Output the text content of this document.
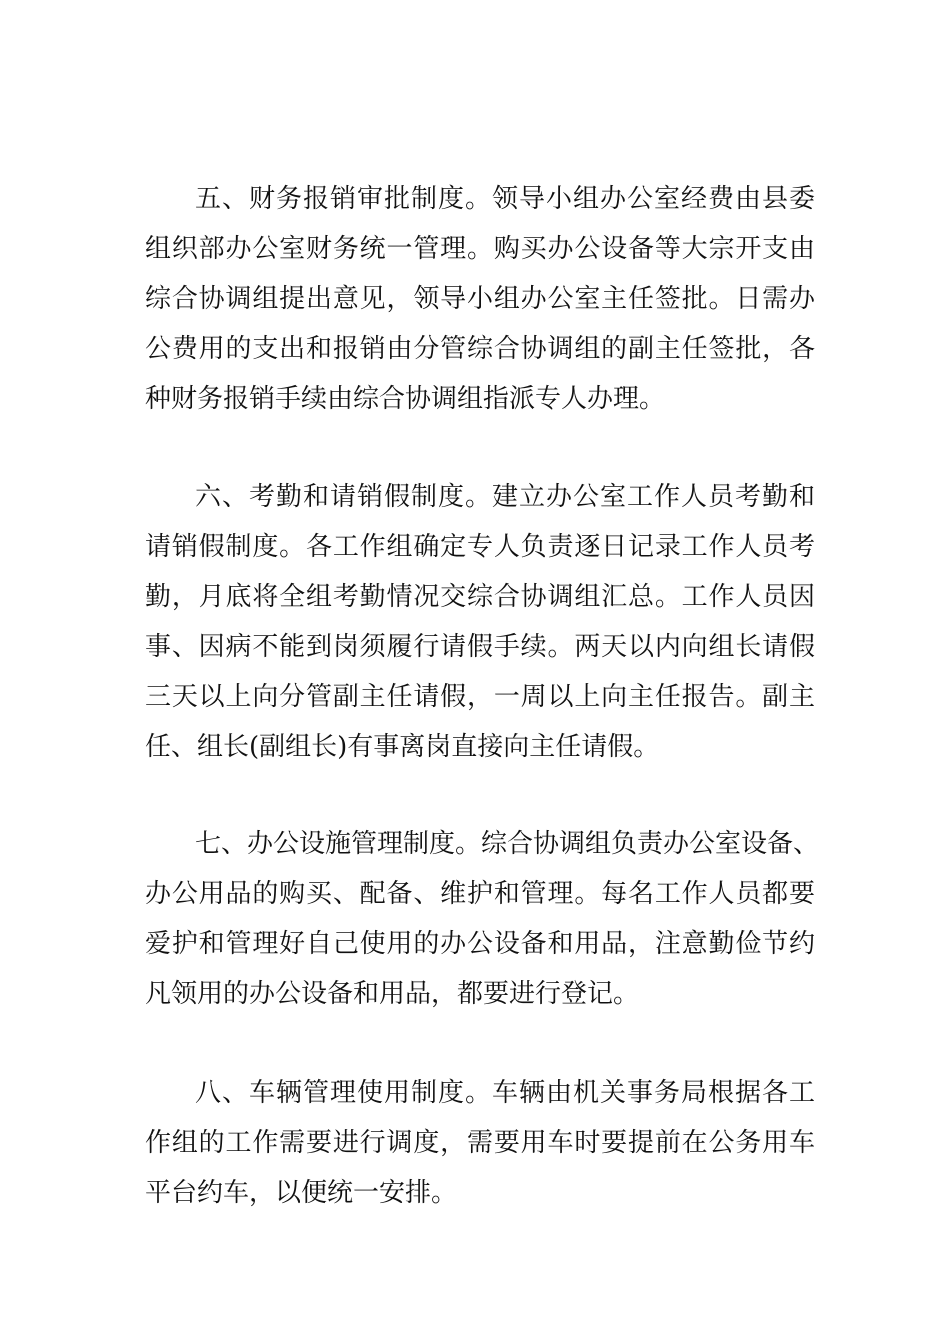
五、财务报销审批制度。领导小组办公室经费由县委
组织部办公室财务统一管理。购买办公设备等大宗开支由
综合协调组提出意见，领导小组办公室主任签批。日需办
公费用的支出和报销由分管综合协调组的副主任签批，各
种财务报销手续由综合协调组指派专人办理。
六、考勤和请销假制度。建立办公室工作人员考勤和
请销假制度。各工作组确定专人负责逐日记录工作人员考
勤，月底将全组考勤情况交综合协调组汇总。工作人员因
事、因病不能到岗须履行请假手续。两天以内向组长请假
三天以上向分管副主任请假，一周以上向主任报告。副主
任、组长(副组长)有事离岗直接向主任请假。
七、办公设施管理制度。综合协调组负责办公室设备、
办公用品的购买、配备、维护和管理。每名工作人员都要
爱护和管理好自己使用的办公设备和用品，注意勤俭节约
凡领用的办公设备和用品，都要进行登记。
八、车辆管理使用制度。车辆由机关事务局根据各工
作组的工作需要进行调度，需要用车时要提前在公务用车
平台约车，以便统一安排。
